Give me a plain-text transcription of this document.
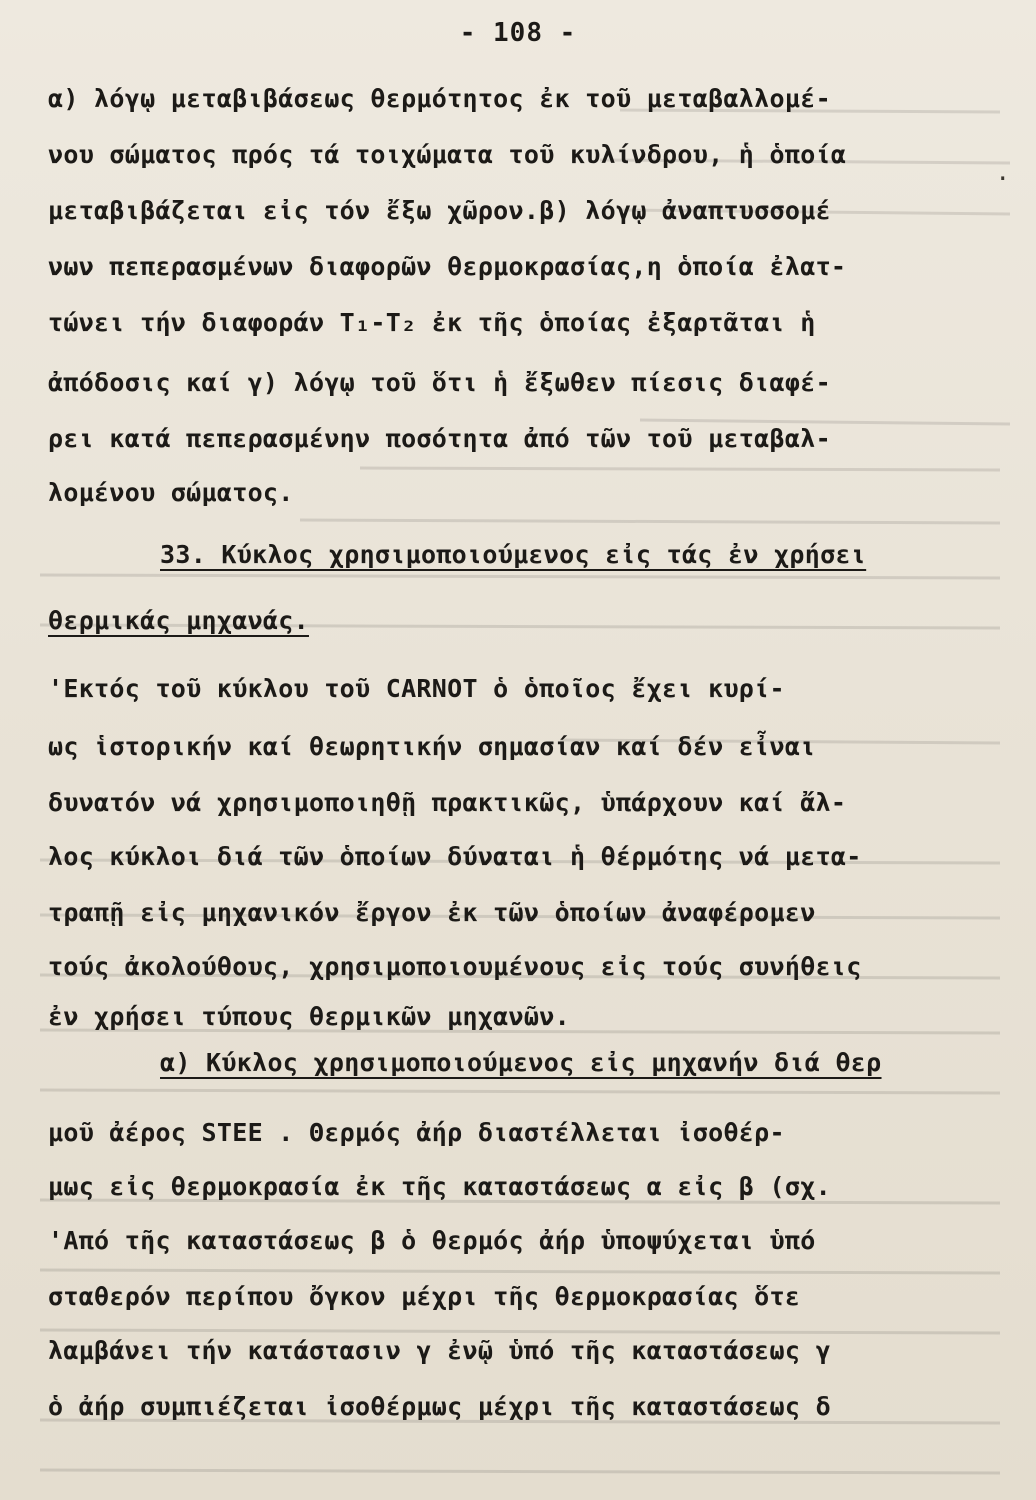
- 108 -
.
α) λόγῳ μεταβιβάσεως θερμότητος ἐκ τοῦ μεταβαλλομέ-
νου σώματος πρός τά τοιχώματα τοῦ κυλίνδρου, ἡ ὁποία
μεταβιβάζεται εἰς τόν ἔξω χῶρον.β) λόγῳ ἀναπτυσσομέ
νων πεπερασμένων διαφορῶν θερμοκρασίας,η ὁποία ἐλατ-
τώνει τήν διαφοράν Τ₁-Τ₂ ἐκ τῆς ὁποίας ἐξαρτᾶται ἡ
ἀπόδοσις καί γ) λόγῳ τοῦ ὅτι ἡ ἔξωθεν πίεσις διαφέ-
ρει κατά πεπερασμένην ποσότητα ἀπό τῶν τοῦ μεταβαλ-
λομένου σώματος.
33. Κύκλος χρησιμοποιούμενος εἰς τάς ἐν χρήσει
θερμικάς μηχανάς.
'Εκτός τοῦ κύκλου τοῦ CARNOT ὁ ὁποῖος ἔχει κυρί-
ως ἱστορικήν καί θεωρητικήν σημασίαν καί δέν εἶναι
δυνατόν νά χρησιμοποιηθῇ πρακτικῶς, ὑπάρχουν καί ἄλ-
λος κύκλοι διά τῶν ὁποίων δύναται ἡ θέρμότης νά μετα-
τραπῇ εἰς μηχανικόν ἔργον ἐκ τῶν ὁποίων ἀναφέρομεν
τούς ἀκολούθους, χρησιμοποιουμένους εἰς τούς συνήθεις
ἐν χρήσει τύπους θερμικῶν μηχανῶν.
α) Κύκλος χρησιμοποιούμενος εἰς μηχανήν διά θερ
μοῦ ἀέρος STEE . Θερμός ἀήρ διαστέλλεται ἰσοθέρ-
μως εἰς θερμοκρασία ἐκ τῆς καταστάσεως α εἰς β (σχ.
'Από τῆς καταστάσεως β ὁ θερμός ἀήρ ὑποψύχεται ὑπό
σταθερόν περίπου ὄγκον μέχρι τῆς θερμοκρασίας ὅτε
λαμβάνει τήν κατάστασιν γ ἐνῷ ὑπό τῆς καταστάσεως γ
ὁ ἀήρ συμπιέζεται ἰσοθέρμως μέχρι τῆς καταστάσεως δ
